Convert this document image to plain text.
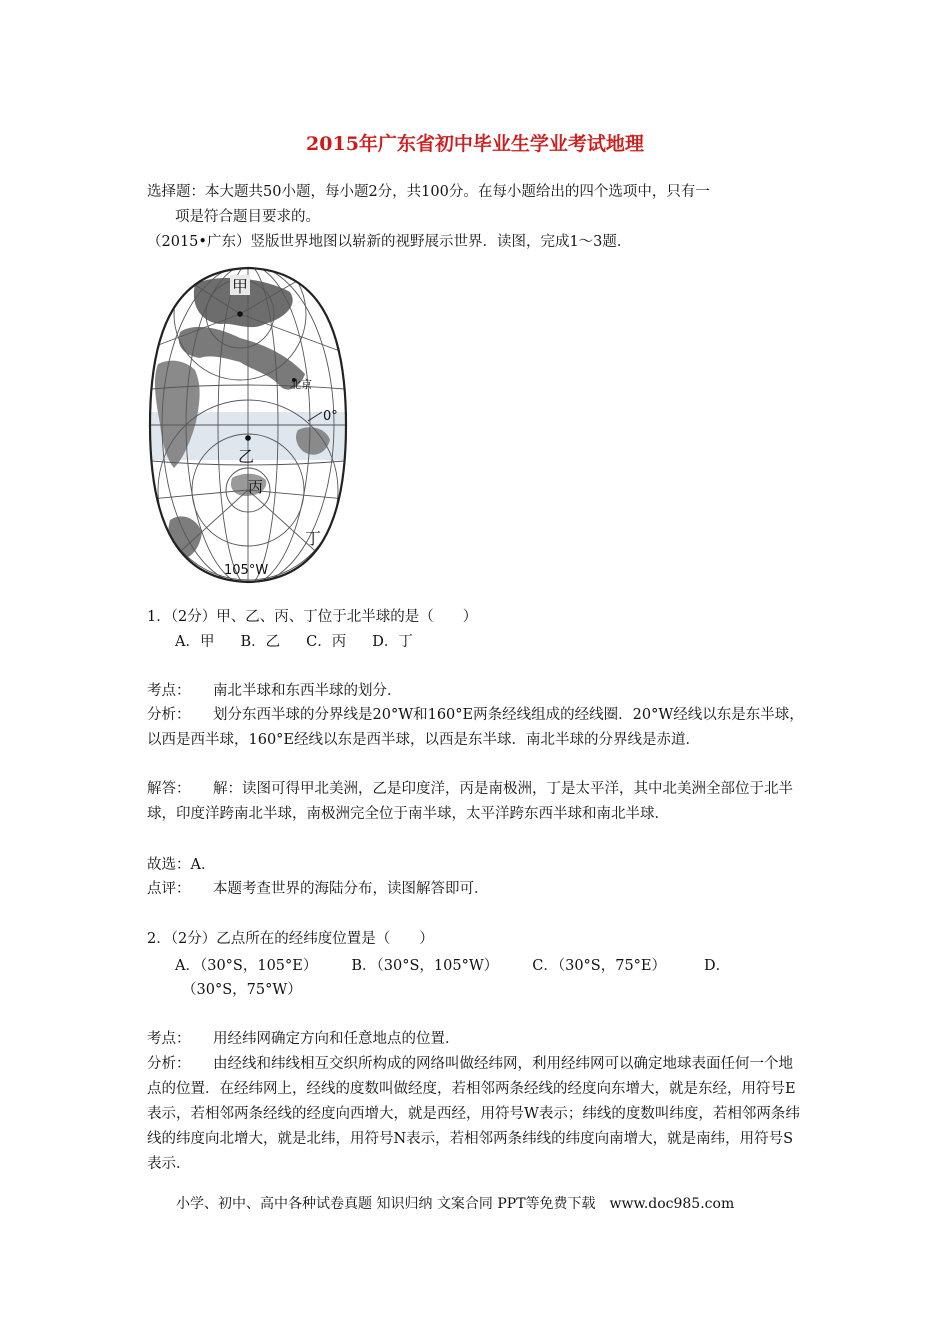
2015年广东省初中毕业生学业考试地理
选择题：本大题共50小题，每小题2分，共100分。在每小题给出的四个选项中，只有一
项是符合题目要求的。
（2015•广东）竖版世界地图以崭新的视野展示世界．读图，完成1～3题．
甲
乙
丙
丁
北京
0°
105°W
1．（2分）甲、乙、丙、丁位于北半球的是（　　）
A．甲 B．乙 C．丙 D．丁
考点： 南北半球和东西半球的划分．
分析： 划分东西半球的分界线是20°W和160°E两条经线组成的经线圈．20°W经线以东是东半球，以西是西半球，160°E经线以东是西半球，以西是东半球．南北半球的分界线是赤道．
解答： 解：读图可得甲北美洲，乙是印度洋，丙是南极洲，丁是太平洋，其中北美洲全部位于北半球，印度洋跨南北半球，南极洲完全位于南半球，太平洋跨东西半球和南北半球．
故选：A．
点评： 本题考查世界的海陆分布，读图解答即可．
2．（2分）乙点所在的经纬度位置是（　　）
A．（30°S，105°E） B．（30°S，105°W） C．（30°S，75°E）	D．
（30°S，75°W）
考点： 用经纬网确定方向和任意地点的位置．
分析： 由经线和纬线相互交织所构成的网络叫做经纬网，利用经纬网可以确定地球表面任何一个地点的位置．在经纬网上，经线的度数叫做经度，若相邻两条经线的经度向东增大，就是东经，用符号E表示，若相邻两条经线的经度向西增大，就是西经，用符号W表示；纬线的度数叫纬度，若相邻两条纬线的纬度向北增大，就是北纬，用符号N表示，若相邻两条纬线的纬度向南增大，就是南纬，用符号S表示．
小学、初中、高中各种试卷真题 知识归纳 文案合同 PPT等免费下载　www.doc985.com
